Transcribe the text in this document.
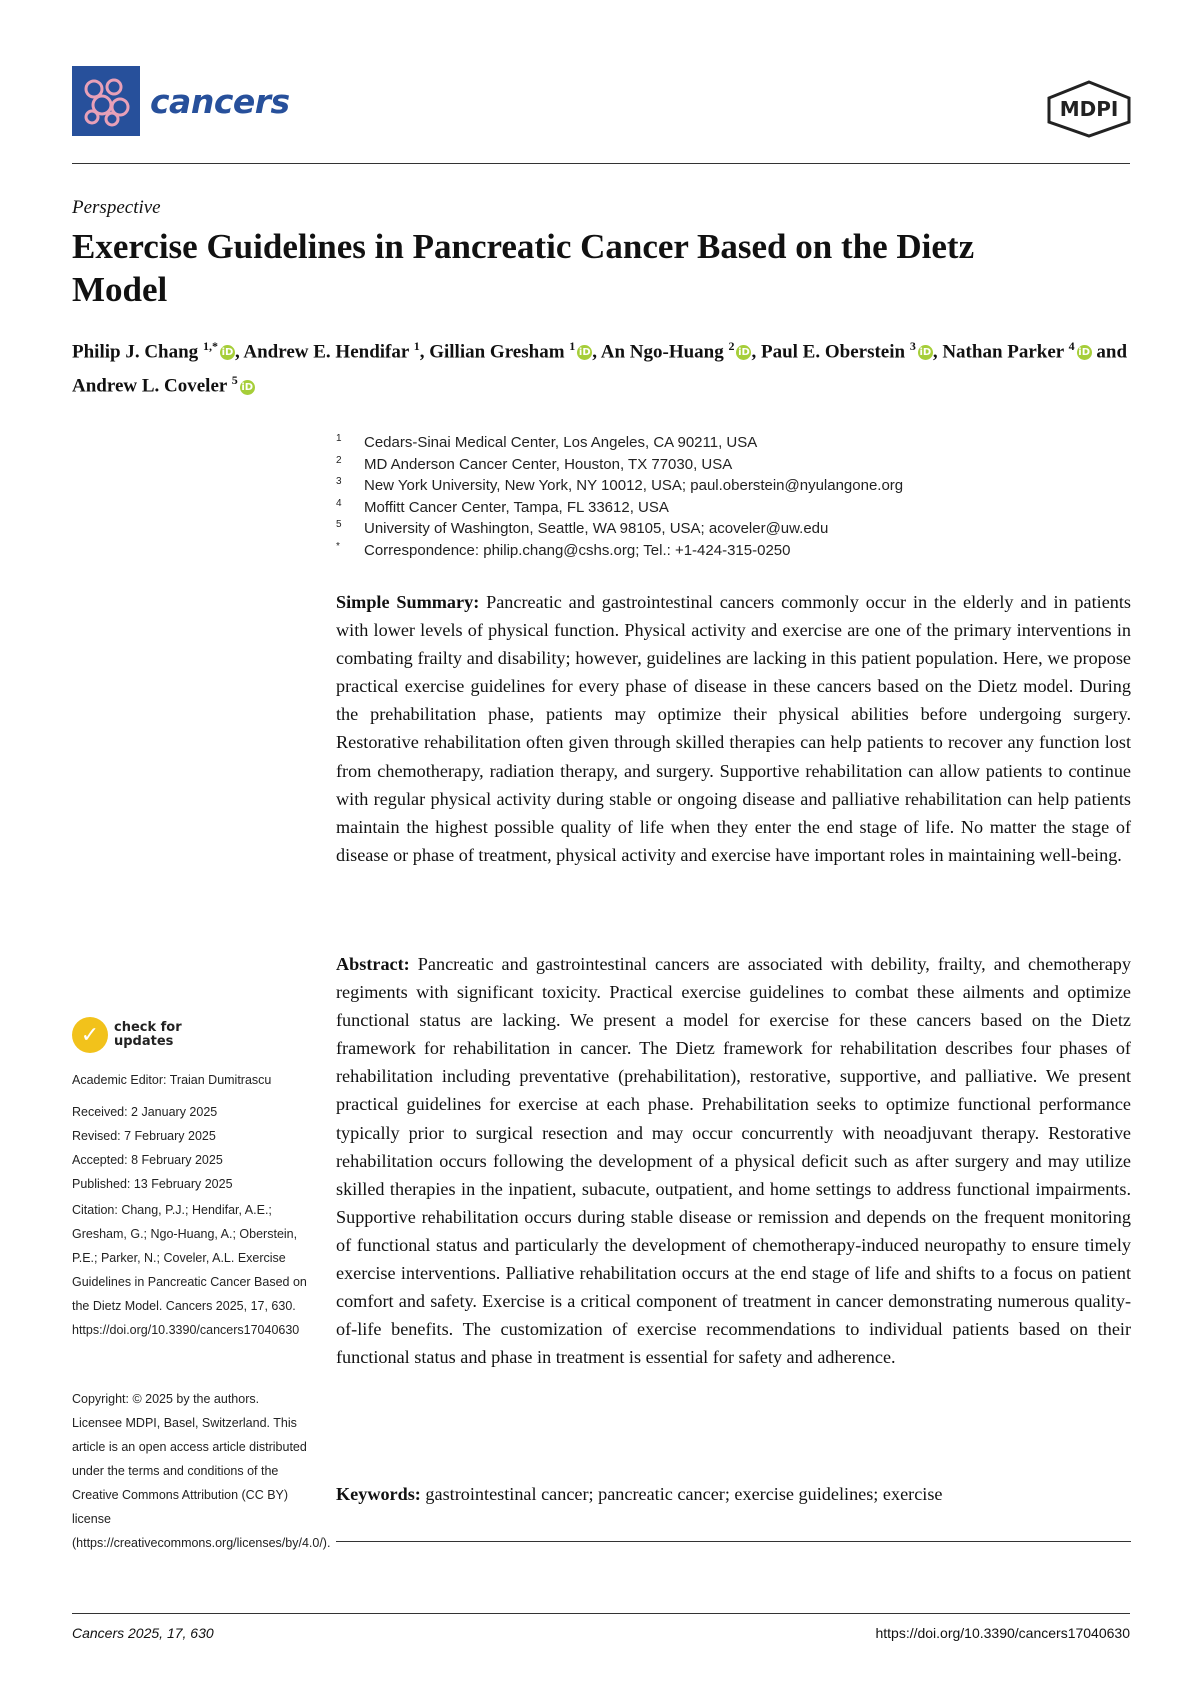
cancers	MDPI
Perspective
Exercise Guidelines in Pancreatic Cancer Based on the Dietz Model
Philip J. Chang $^{1,*}$ iD, Andrew E. Hendifar $^1$, Gillian Gresham $^1$ iD, An Ngo-Huang $^2$ iD, Paul E. Oberstein $^3$ iD, Nathan Parker $^4$ iD and Andrew L. Coveler $^5$ iD
1	Cedars-Sinai Medical Center, Los Angeles, CA 90211, USA
2	MD Anderson Cancer Center, Houston, TX 77030, USA
3	New York University, New York, NY 10012, USA; paul.oberstein@nyulangone.org
4	Moffitt Cancer Center, Tampa, FL 33612, USA
5	University of Washington, Seattle, WA 98105, USA; acoveler@uw.edu
*	Correspondence: philip.chang@cshs.org; Tel.: +1-424-315-0250
Simple Summary: Pancreatic and gastrointestinal cancers commonly occur in the elderly and in patients with lower levels of physical function. Physical activity and exercise are one of the primary interventions in combating frailty and disability; however, guidelines are lacking in this patient population. Here, we propose practical exercise guidelines for every phase of disease in these cancers based on the Dietz model. During the prehabilitation phase, patients may optimize their physical abilities before undergoing surgery. Restorative rehabilitation often given through skilled therapies can help patients to recover any function lost from chemotherapy, radiation therapy, and surgery. Supportive rehabilitation can allow patients to continue with regular physical activity during stable or ongoing disease and palliative rehabilitation can help patients maintain the highest possible quality of life when they enter the end stage of life. No matter the stage of disease or phase of treatment, physical activity and exercise have important roles in maintaining well-being.
Abstract: Pancreatic and gastrointestinal cancers are associated with debility, frailty, and chemotherapy regiments with significant toxicity. Practical exercise guidelines to combat these ailments and optimize functional status are lacking. We present a model for exercise for these cancers based on the Dietz framework for rehabilitation in cancer. The Dietz framework for rehabilitation describes four phases of rehabilitation including preventative (prehabilitation), restorative, supportive, and palliative. We present practical guidelines for exercise at each phase. Prehabilitation seeks to optimize functional performance typically prior to surgical resection and may occur concurrently with neoadjuvant therapy. Restorative rehabilitation occurs following the development of a physical deficit such as after surgery and may utilize skilled therapies in the inpatient, subacute, outpatient, and home settings to address functional impairments. Supportive rehabilitation occurs during stable disease or remission and depends on the frequent monitoring of functional status and particularly the development of chemotherapy-induced neuropathy to ensure timely exercise interventions. Palliative rehabilitation occurs at the end stage of life and shifts to a focus on patient comfort and safety. Exercise is a critical component of treatment in cancer demonstrating numerous quality-of-life benefits. The customization of exercise recommendations to individual patients based on their functional status and phase in treatment is essential for safety and adherence.
Keywords: gastrointestinal cancer; pancreatic cancer; exercise guidelines; exercise
✓	check for
updates
Academic Editor: Traian Dumitrascu
Received: 2 January 2025
Revised: 7 February 2025
Accepted: 8 February 2025
Published: 13 February 2025
Citation: Chang, P.J.; Hendifar, A.E.; Gresham, G.; Ngo-Huang, A.; Oberstein, P.E.; Parker, N.; Coveler, A.L. Exercise Guidelines in Pancreatic Cancer Based on the Dietz Model. Cancers 2025, 17, 630. https://doi.org/10.3390/cancers17040630
Copyright: © 2025 by the authors. Licensee MDPI, Basel, Switzerland. This article is an open access article distributed under the terms and conditions of the Creative Commons Attribution (CC BY) license (https://creativecommons.org/licenses/by/4.0/).
Cancers 2025, 17, 630	https://doi.org/10.3390/cancers17040630
